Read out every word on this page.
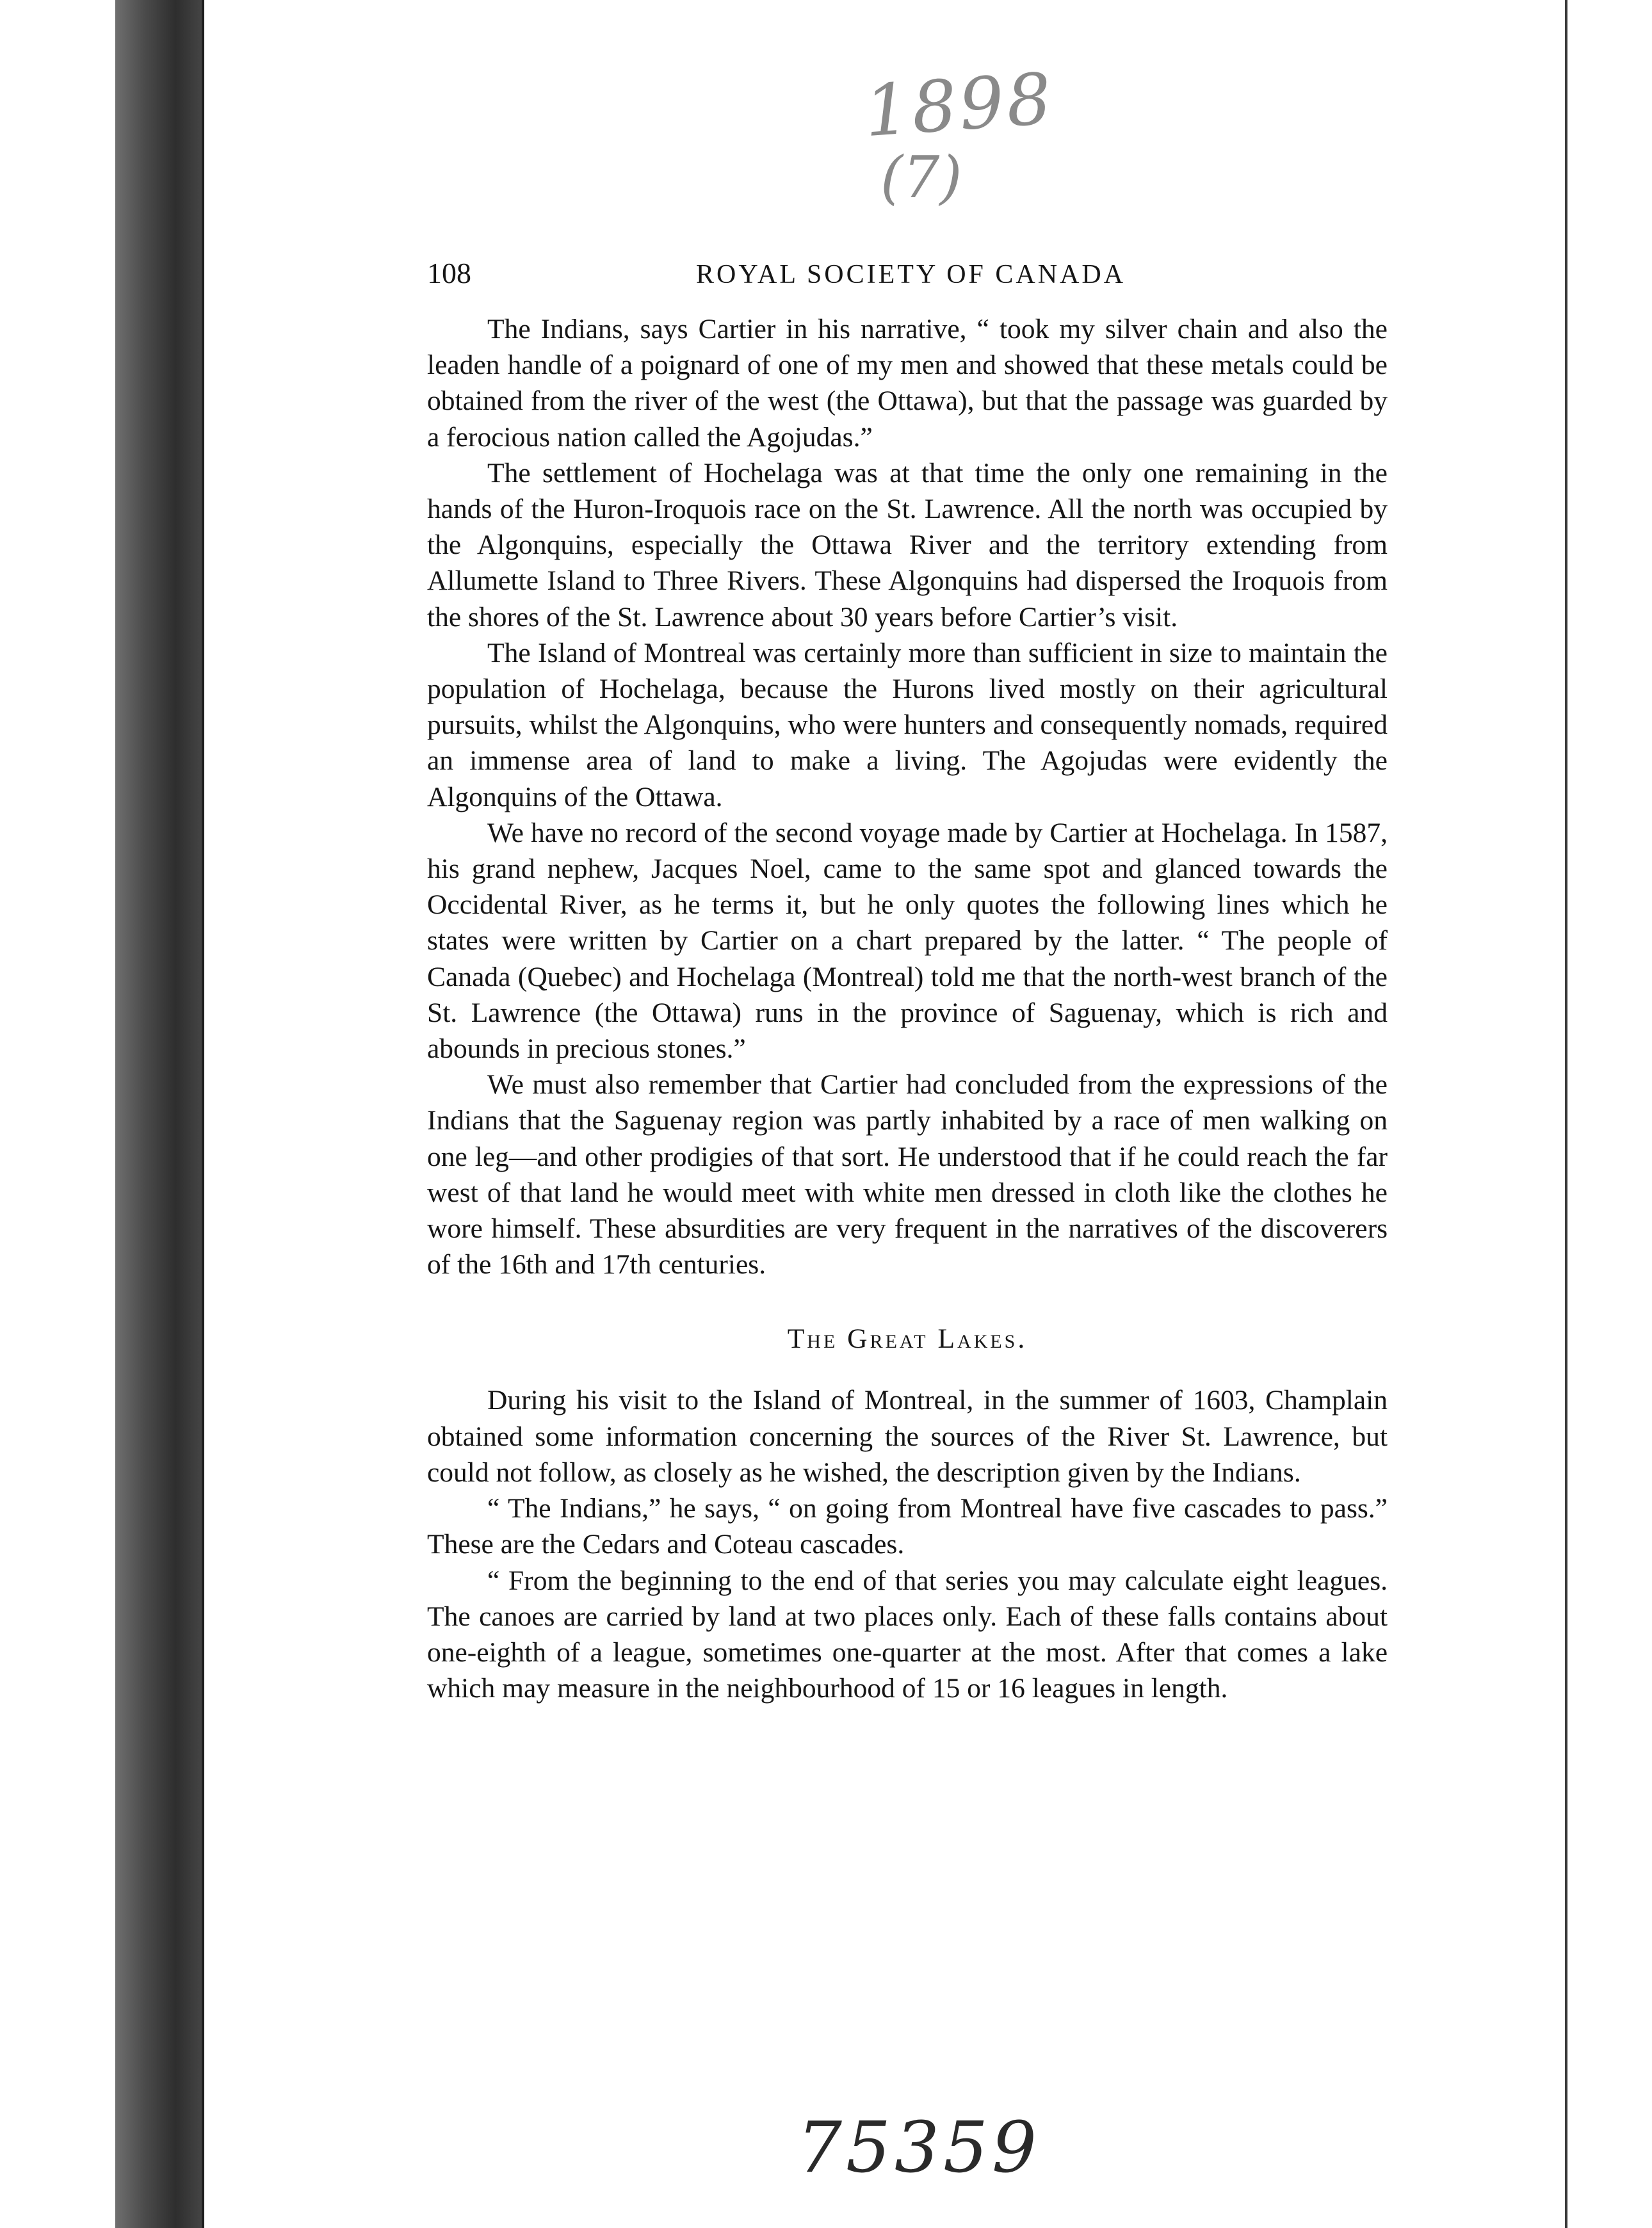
1898
(7)
108	ROYAL SOCIETY OF CANADA

The Indians, says Cartier in his narrative, “ took my silver chain and also the leaden handle of a poignard of one of my men and showed that these metals could be obtained from the river of the west (the Ottawa), but that the passage was guarded by a ferocious nation called the Agojudas.”

The settlement of Hochelaga was at that time the only one remaining in the hands of the Huron-Iroquois race on the St. Lawrence. All the north was occupied by the Algonquins, especially the Ottawa River and the territory extending from Allumette Island to Three Rivers. These Algonquins had dispersed the Iroquois from the shores of the St. Lawrence about 30 years before Cartier’s visit.

The Island of Montreal was certainly more than sufficient in size to maintain the population of Hochelaga, because the Hurons lived mostly on their agricultural pursuits, whilst the Algonquins, who were hunters and consequently nomads, required an immense area of land to make a living. The Agojudas were evidently the Algonquins of the Ottawa.

We have no record of the second voyage made by Cartier at Hochelaga. In 1587, his grand nephew, Jacques Noel, came to the same spot and glanced towards the Occidental River, as he terms it, but he only quotes the following lines which he states were written by Cartier on a chart prepared by the latter. “ The people of Canada (Quebec) and Hochelaga (Montreal) told me that the north-west branch of the St. Lawrence (the Ottawa) runs in the province of Saguenay, which is rich and abounds in precious stones.”

We must also remember that Cartier had concluded from the expressions of the Indians that the Saguenay region was partly inhabited by a race of men walking on one leg—and other prodigies of that sort. He understood that if he could reach the far west of that land he would meet with white men dressed in cloth like the clothes he wore himself. These absurdities are very frequent in the narratives of the discoverers of the 16th and 17th centuries.

The Great Lakes.

During his visit to the Island of Montreal, in the summer of 1603, Champlain obtained some information concerning the sources of the River St. Lawrence, but could not follow, as closely as he wished, the description given by the Indians.

“ The Indians,” he says, “ on going from Montreal have five cascades to pass.” These are the Cedars and Coteau cascades.

“ From the beginning to the end of that series you may calculate eight leagues. The canoes are carried by land at two places only. Each of these falls contains about one-eighth of a league, sometimes one-quarter at the most. After that comes a lake which may measure in the neighbourhood of 15 or 16 leagues in length.

75359
